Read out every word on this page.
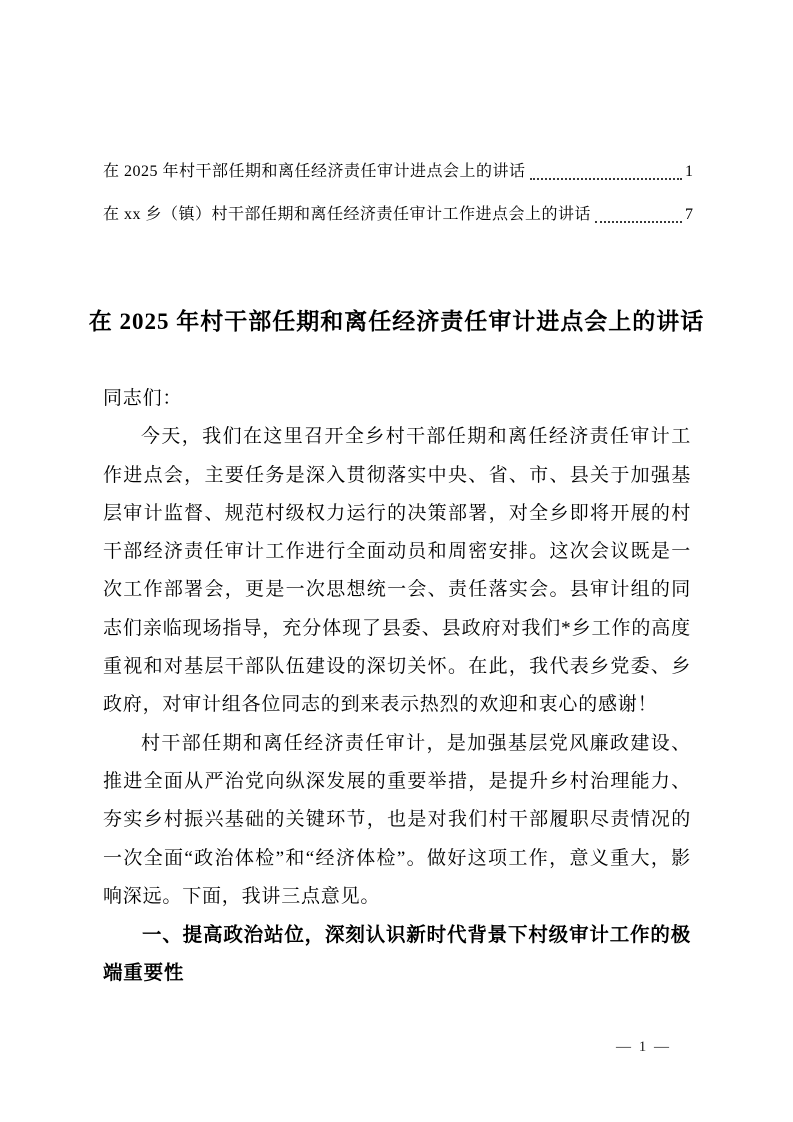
在 2025 年村干部任期和离任经济责任审计进点会上的讲话	1
在 xx 乡（镇）村干部任期和离任经济责任审计工作进点会上的讲话	7
在 2025 年村干部任期和离任经济责任审计进点会上的讲话

同志们：

今天，我们在这里召开全乡村干部任期和离任经济责任审计工作进点会，主要任务是深入贯彻落实中央、省、市、县关于加强基层审计监督、规范村级权力运行的决策部署，对全乡即将开展的村干部经济责任审计工作进行全面动员和周密安排。这次会议既是一次工作部署会，更是一次思想统一会、责任落实会。县审计组的同志们亲临现场指导，充分体现了县委、县政府对我们*乡工作的高度重视和对基层干部队伍建设的深切关怀。在此，我代表乡党委、乡政府，对审计组各位同志的到来表示热烈的欢迎和衷心的感谢！

村干部任期和离任经济责任审计，是加强基层党风廉政建设、推进全面从严治党向纵深发展的重要举措，是提升乡村治理能力、夯实乡村振兴基础的关键环节，也是对我们村干部履职尽责情况的一次全面“政治体检”和“经济体检”。做好这项工作，意义重大，影响深远。下面，我讲三点意见。

一、提高政治站位，深刻认识新时代背景下村级审计工作的极端重要性
— 1 —
